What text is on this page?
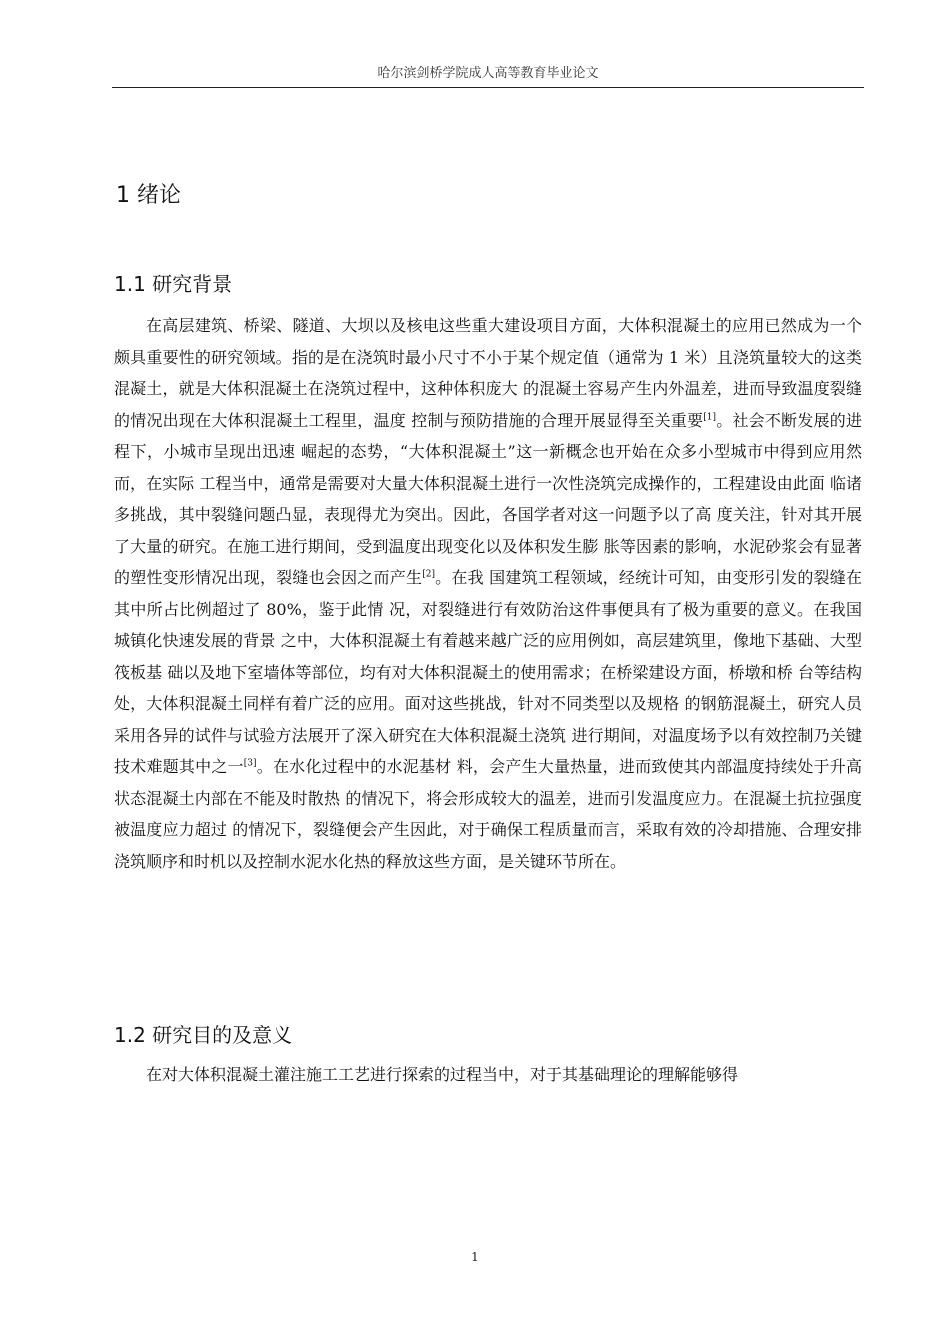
哈尔滨剑桥学院成人高等教育毕业论文
1 绪论
1.1 研究背景

在高层建筑、桥梁、隧道、大坝以及核电这些重大建设项目方面，大体积混凝土的应用已然成为一个颇具重要性的研究领域。指的是在浇筑时最小尺寸不小于某个规定值（通常为 1 米）且浇筑量较大的这类混凝土，就是大体积混凝土在浇筑过程中，这种体积庞大 的混凝土容易产生内外温差，进而导致温度裂缝的情况出现在大体积混凝土工程里，温度 控制与预防措施的合理开展显得至关重要[1]。社会不断发展的进程下，小城市呈现出迅速 崛起的态势，“大体积混凝土”这一新概念也开始在众多小型城市中得到应用然而，在实际 工程当中，通常是需要对大量大体积混凝土进行一次性浇筑完成操作的，工程建设由此面 临诸多挑战，其中裂缝问题凸显，表现得尤为突出。因此，各国学者对这一问题予以了高 度关注，针对其开展了大量的研究。在施工进行期间，受到温度出现变化以及体积发生膨 胀等因素的影响，水泥砂浆会有显著的塑性变形情况出现，裂缝也会因之而产生[2]。在我 国建筑工程领域，经统计可知，由变形引发的裂缝在其中所占比例超过了 80%，鉴于此情 况，对裂缝进行有效防治这件事便具有了极为重要的意义。在我国城镇化快速发展的背景 之中，大体积混凝土有着越来越广泛的应用例如，高层建筑里，像地下基础、大型筏板基 础以及地下室墙体等部位，均有对大体积混凝土的使用需求；在桥梁建设方面，桥墩和桥 台等结构处，大体积混凝土同样有着广泛的应用。面对这些挑战，针对不同类型以及规格 的钢筋混凝土，研究人员采用各异的试件与试验方法展开了深入研究在大体积混凝土浇筑 进行期间，对温度场予以有效控制乃关键技术难题其中之一[3]。在水化过程中的水泥基材 料，会产生大量热量，进而致使其内部温度持续处于升高状态混凝土内部在不能及时散热 的情况下，将会形成较大的温差，进而引发温度应力。在混凝土抗拉强度被温度应力超过 的情况下，裂缝便会产生因此，对于确保工程质量而言，采取有效的冷却措施、合理安排 浇筑顺序和时机以及控制水泥水化热的释放这些方面，是关键环节所在。

1.2 研究目的及意义

在对大体积混凝土灌注施工工艺进行探索的过程当中，对于其基础理论的理解能够得

1
